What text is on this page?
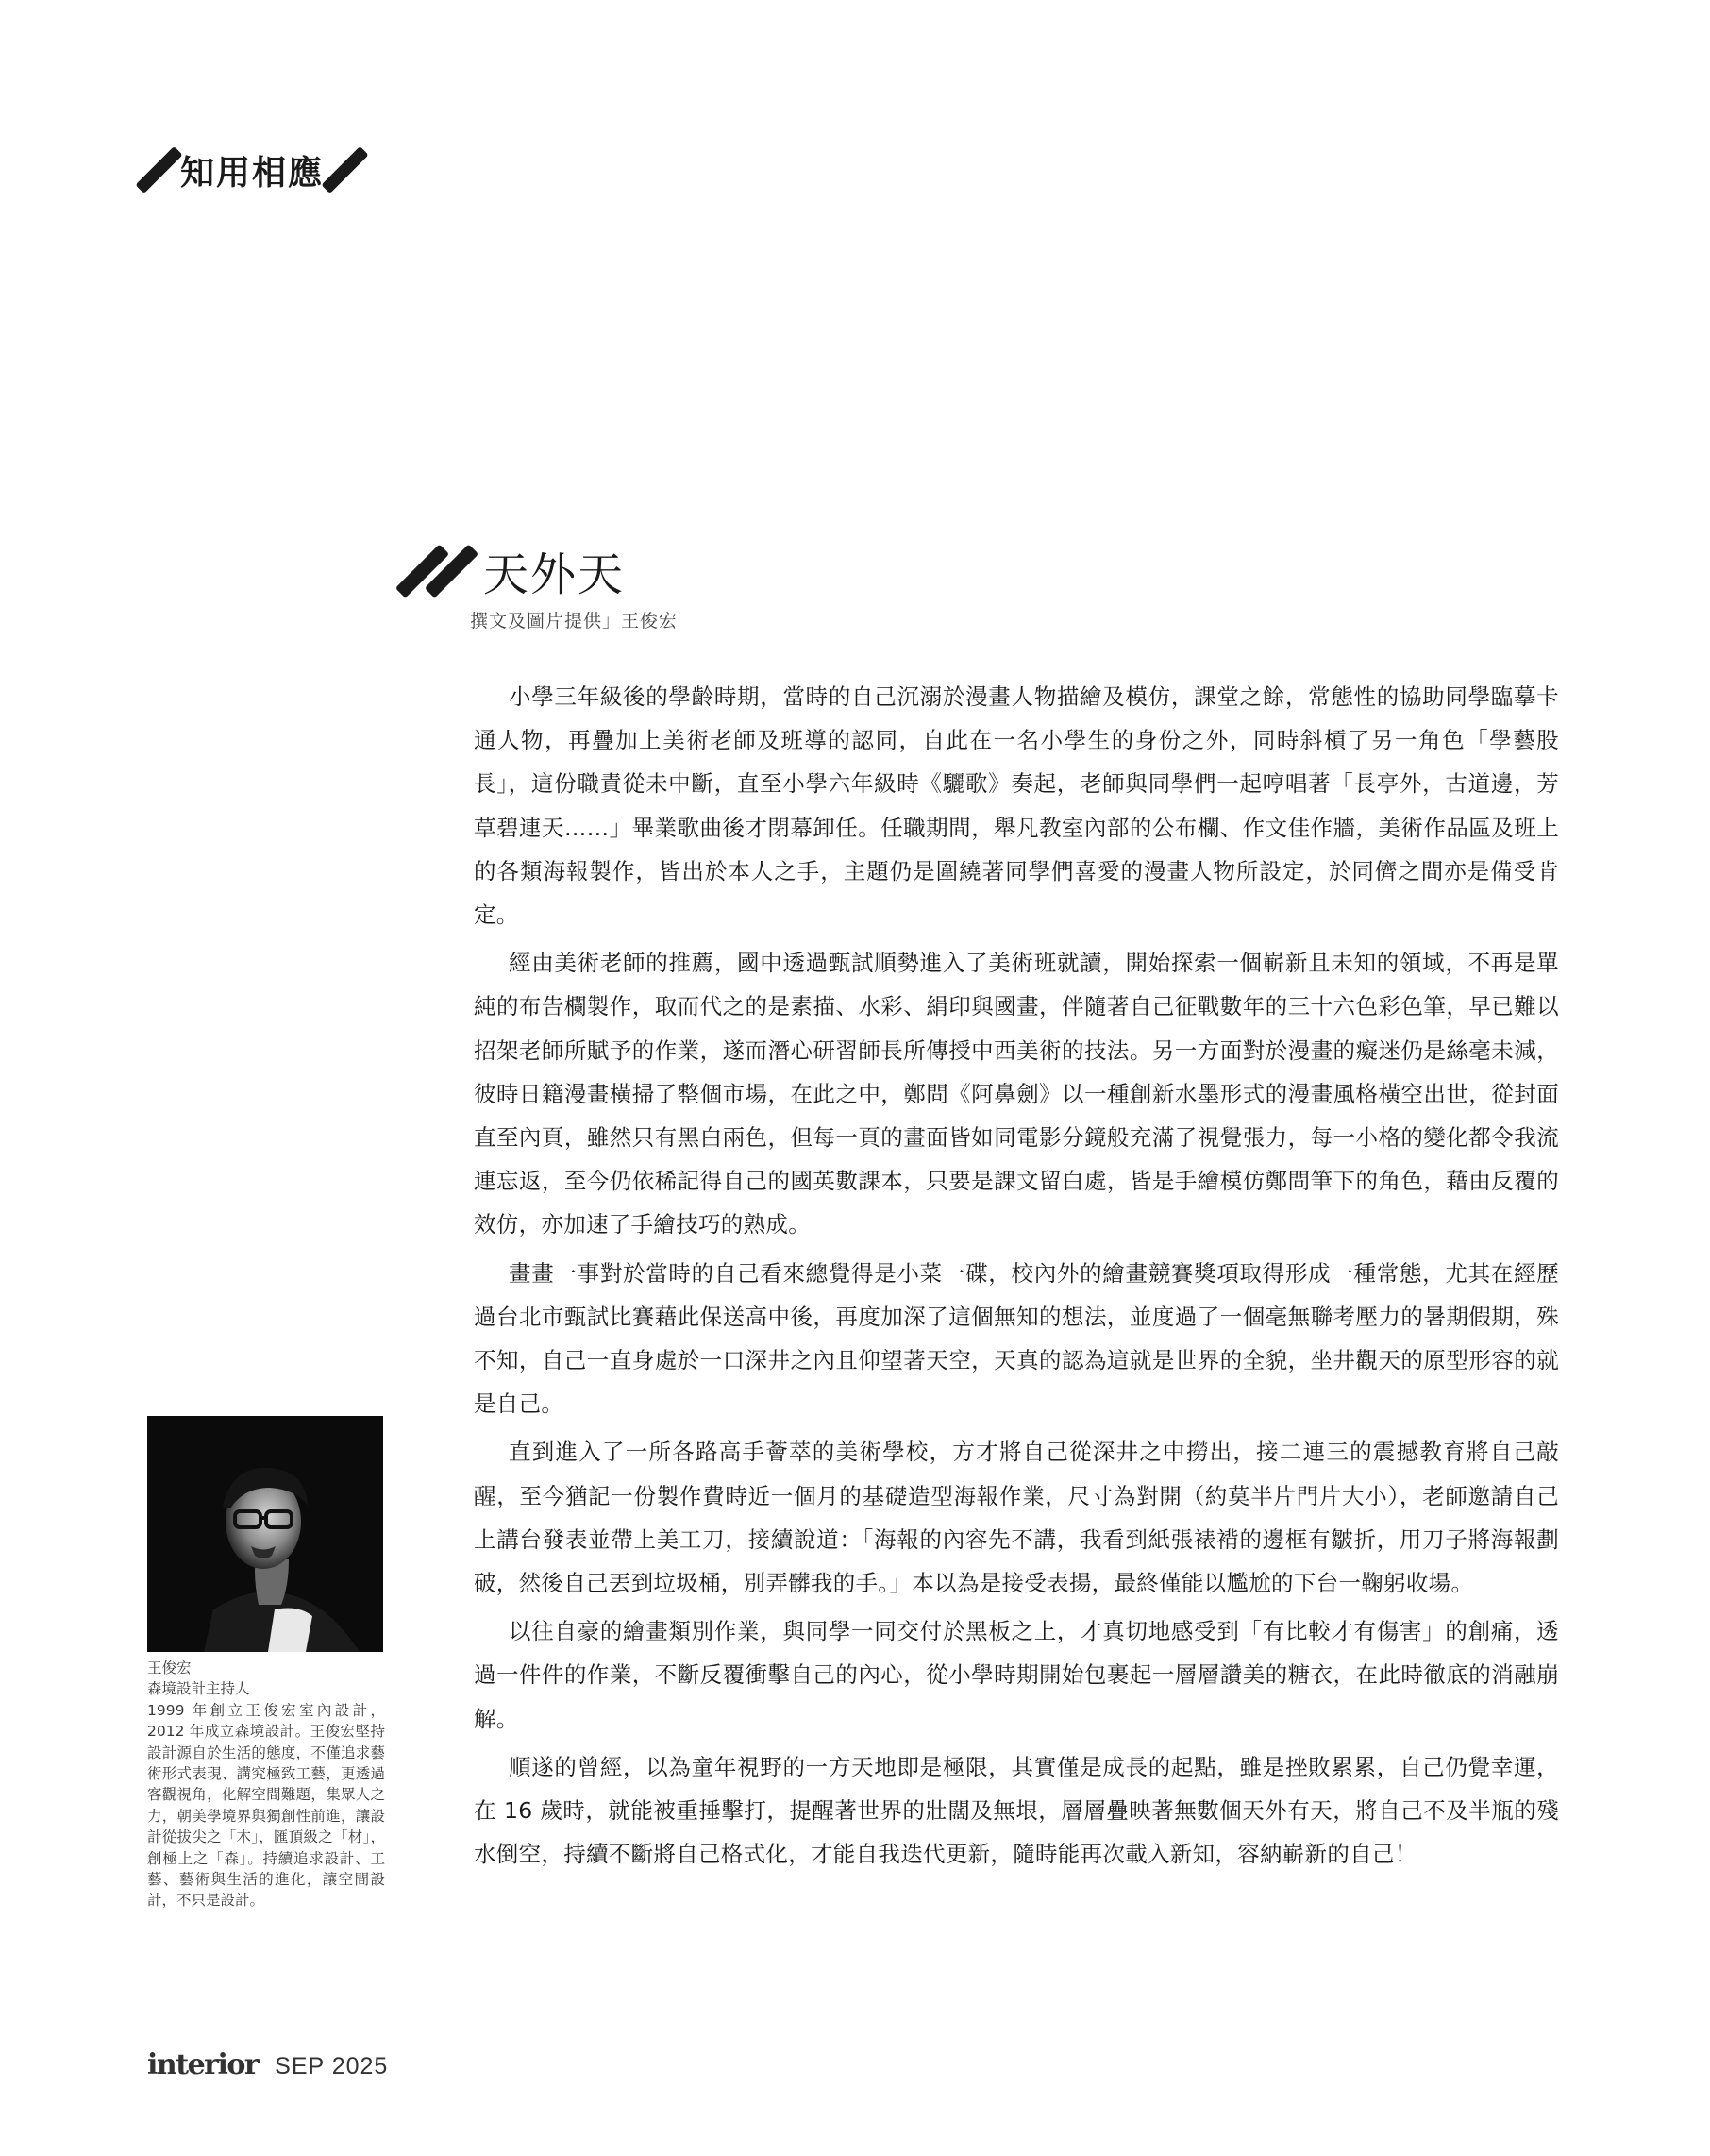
知用相應
天外天
撰文及圖片提供」王俊宏

小學三年級後的學齡時期，當時的自己沉溺於漫畫人物描繪及模仿，課堂之餘，常態性的協助同學臨摹卡通人物，再疊加上美術老師及班導的認同，自此在一名小學生的身份之外，同時斜槓了另一角色「學藝股長」，這份職責從未中斷，直至小學六年級時《驪歌》奏起，老師與同學們一起哼唱著「長亭外，古道邊，芳草碧連天……」畢業歌曲後才閉幕卸任。任職期間，舉凡教室內部的公布欄、作文佳作牆，美術作品區及班上的各類海報製作，皆出於本人之手，主題仍是圍繞著同學們喜愛的漫畫人物所設定，於同儕之間亦是備受肯定。

經由美術老師的推薦，國中透過甄試順勢進入了美術班就讀，開始探索一個嶄新且未知的領域，不再是單純的布告欄製作，取而代之的是素描、水彩、絹印與國畫，伴隨著自己征戰數年的三十六色彩色筆，早已難以招架老師所賦予的作業，遂而潛心研習師長所傳授中西美術的技法。另一方面對於漫畫的癡迷仍是絲毫未減，彼時日籍漫畫橫掃了整個市場，在此之中，鄭問《阿鼻劍》以一種創新水墨形式的漫畫風格橫空出世，從封面直至內頁，雖然只有黑白兩色，但每一頁的畫面皆如同電影分鏡般充滿了視覺張力，每一小格的變化都令我流連忘返，至今仍依稀記得自己的國英數課本，只要是課文留白處，皆是手繪模仿鄭問筆下的角色，藉由反覆的效仿，亦加速了手繪技巧的熟成。

畫畫一事對於當時的自己看來總覺得是小菜一碟，校內外的繪畫競賽獎項取得形成一種常態，尤其在經歷過台北市甄試比賽藉此保送高中後，再度加深了這個無知的想法，並度過了一個毫無聯考壓力的暑期假期，殊不知，自己一直身處於一口深井之內且仰望著天空，天真的認為這就是世界的全貌，坐井觀天的原型形容的就是自己。

直到進入了一所各路高手薈萃的美術學校，方才將自己從深井之中撈出，接二連三的震撼教育將自己敲醒，至今猶記一份製作費時近一個月的基礎造型海報作業，尺寸為對開（約莫半片門片大小），老師邀請自己上講台發表並帶上美工刀，接續說道：「海報的內容先不講，我看到紙張裱褙的邊框有皺折，用刀子將海報劃破，然後自己丟到垃圾桶，別弄髒我的手。」本以為是接受表揚，最終僅能以尷尬的下台一鞠躬收場。

以往自豪的繪畫類別作業，與同學一同交付於黑板之上，才真切地感受到「有比較才有傷害」的創痛，透過一件件的作業，不斷反覆衝擊自己的內心，從小學時期開始包裹起一層層讚美的糖衣，在此時徹底的消融崩解。

順遂的曾經，以為童年視野的一方天地即是極限，其實僅是成長的起點，雖是挫敗累累，自己仍覺幸運，在 16 歲時，就能被重捶擊打，提醒著世界的壯闊及無垠，層層疊映著無數個天外有天，將自己不及半瓶的殘水倒空，持續不斷將自己格式化，才能自我迭代更新，隨時能再次載入新知，容納嶄新的自己！

王俊宏
森境設計主持人
1999 年創立王俊宏室內設計，2012 年成立森境設計。王俊宏堅持設計源自於生活的態度，不僅追求藝術形式表現、講究極致工藝，更透過客觀視角，化解空間難題，集眾人之力，朝美學境界與獨創性前進，讓設計從拔尖之「木」，匯頂級之「材」，創極上之「森」。持續追求設計、工藝、藝術與生活的進化，讓空間設計，不只是設計。
interior SEP 2025
